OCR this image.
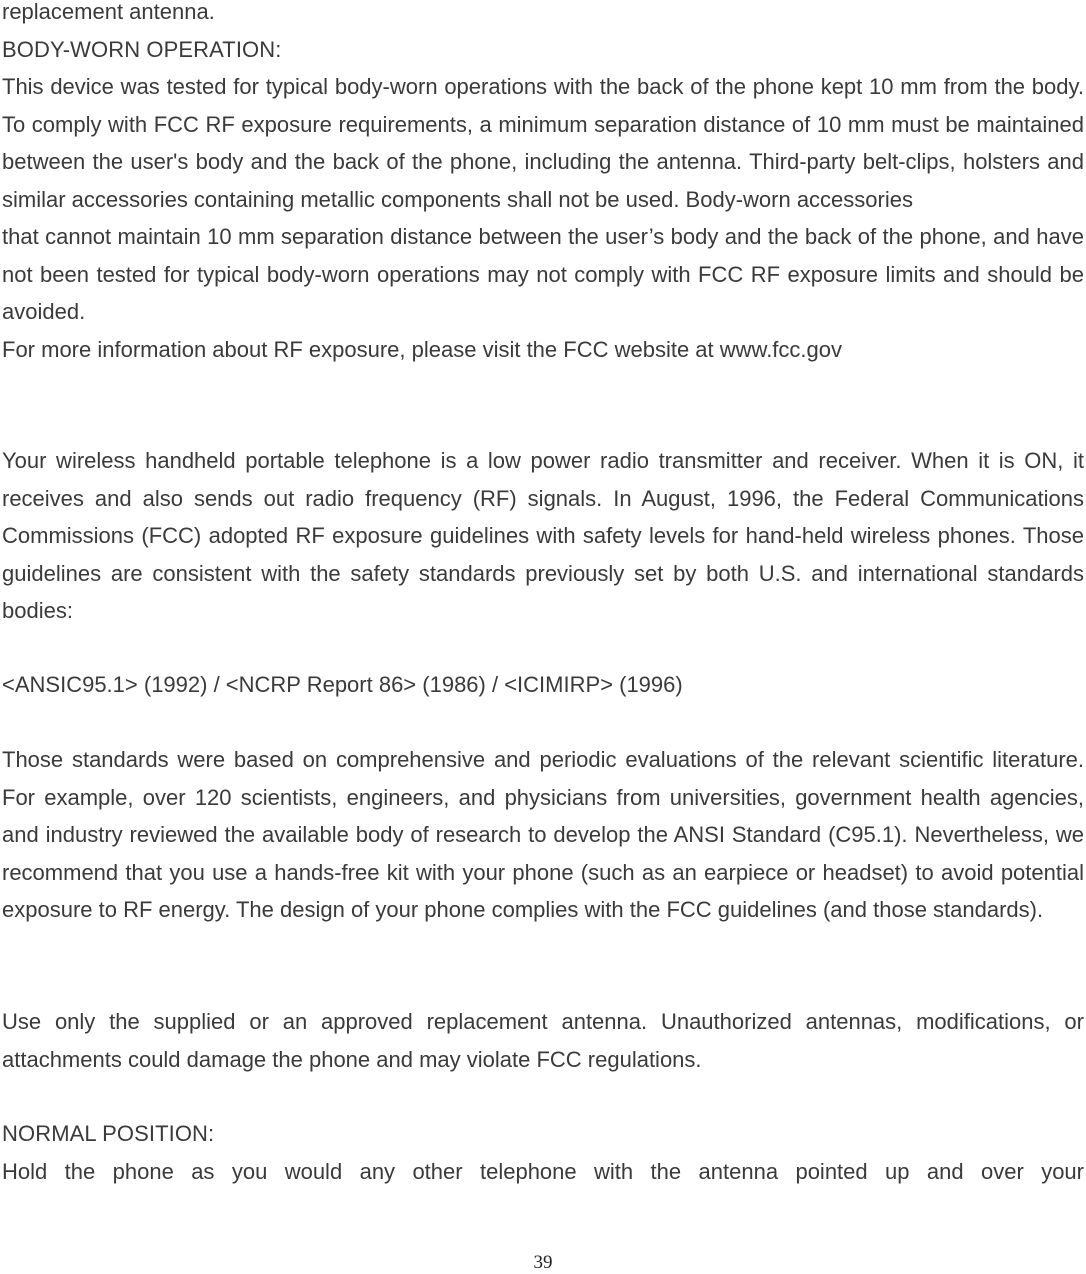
replacement antenna.

BODY-WORN OPERATION:

This device was tested for typical body-worn operations with the back of the phone kept 10 mm from the body. To comply with FCC RF exposure requirements, a minimum separation distance of 10 mm must be maintained between the user's body and the back of the phone, including the antenna. Third-party belt-clips, holsters and similar accessories containing metallic components shall not be used. Body-worn accessories

that cannot maintain 10 mm separation distance between the user’s body and the back of the phone, and have not been tested for typical body-worn operations may not comply with FCC RF exposure limits and should be avoided.

For more information about RF exposure, please visit the FCC website at www.fcc.gov

Your wireless handheld portable telephone is a low power radio transmitter and receiver. When it is ON, it receives and also sends out radio frequency (RF) signals. In August, 1996, the Federal Communications Commissions (FCC) adopted RF exposure guidelines with safety levels for hand-held wireless phones. Those guidelines are consistent with the safety standards previously set by both U.S. and international standards bodies:

<ANSIC95.1> (1992) / <NCRP Report 86> (1986) / <ICIMIRP> (1996)

Those standards were based on comprehensive and periodic evaluations of the relevant scientific literature. For example, over 120 scientists, engineers, and physicians from universities, government health agencies, and industry reviewed the available body of research to develop the ANSI Standard (C95.1). Nevertheless, we recommend that you use a hands-free kit with your phone (such as an earpiece or headset) to avoid potential exposure to RF energy. The design of your phone complies with the FCC guidelines (and those standards).

Use only the supplied or an approved replacement antenna. Unauthorized antennas, modifications, or attachments could damage the phone and may violate FCC regulations.

NORMAL POSITION:

Hold the phone as you would any other telephone with the antenna pointed up and over your

39
